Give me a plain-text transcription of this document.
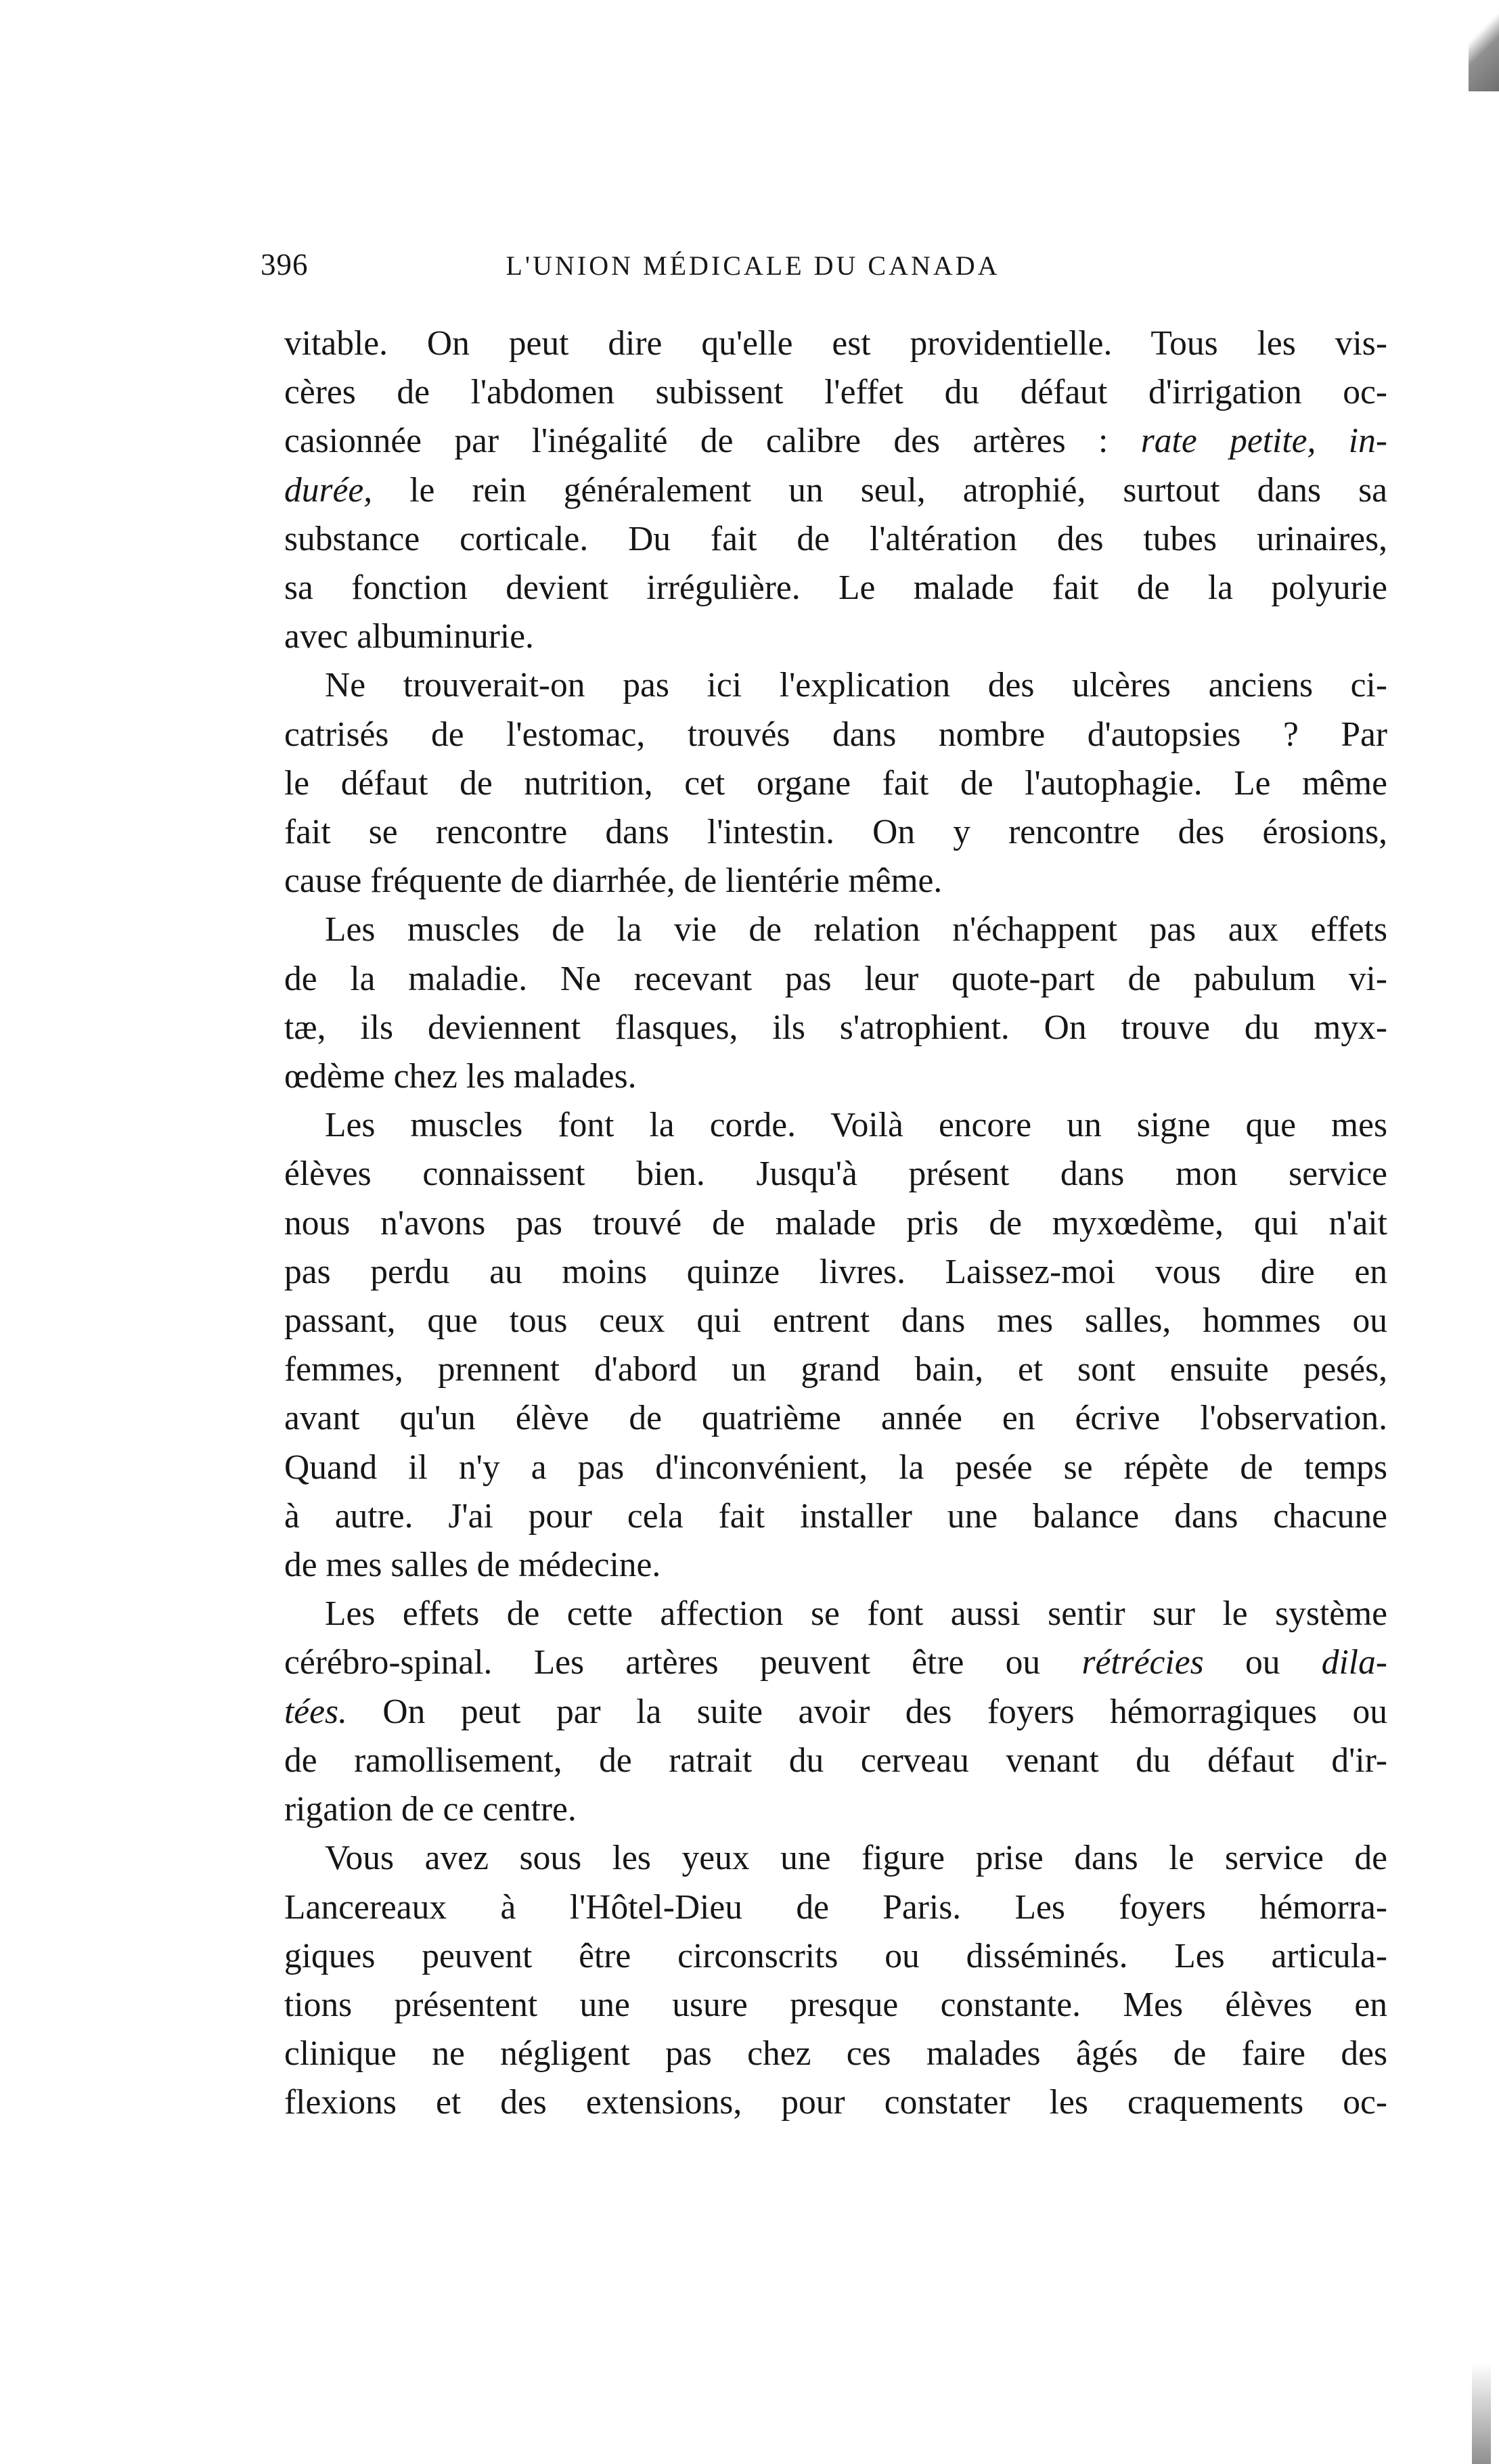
396	L'UNION MÉDICALE DU CANADA
vitable. On peut dire qu'elle est providentielle. Tous les vis-
cères de l'abdomen subissent l'effet du défaut d'irrigation oc-
casionnée par l'inégalité de calibre des artères : rate petite, in-
durée, le rein généralement un seul, atrophié, surtout dans sa
substance corticale. Du fait de l'altération des tubes urinaires,
sa fonction devient irrégulière. Le malade fait de la polyurie
avec albuminurie.
Ne trouverait-on pas ici l'explication des ulcères anciens ci-
catrisés de l'estomac, trouvés dans nombre d'autopsies ? Par
le défaut de nutrition, cet organe fait de l'autophagie. Le même
fait se rencontre dans l'intestin. On y rencontre des érosions,
cause fréquente de diarrhée, de lientérie même.
Les muscles de la vie de relation n'échappent pas aux effets
de la maladie. Ne recevant pas leur quote-part de pabulum vi-
tæ, ils deviennent flasques, ils s'atrophient. On trouve du myx-
œdème chez les malades.
Les muscles font la corde. Voilà encore un signe que mes
élèves connaissent bien. Jusqu'à présent dans mon service
nous n'avons pas trouvé de malade pris de myxœdème, qui n'ait
pas perdu au moins quinze livres. Laissez-moi vous dire en
passant, que tous ceux qui entrent dans mes salles, hommes ou
femmes, prennent d'abord un grand bain, et sont ensuite pesés,
avant qu'un élève de quatrième année en écrive l'observation.
Quand il n'y a pas d'inconvénient, la pesée se répète de temps
à autre. J'ai pour cela fait installer une balance dans chacune
de mes salles de médecine.
Les effets de cette affection se font aussi sentir sur le système
cérébro-spinal. Les artères peuvent être ou rétrécies ou dila-
tées. On peut par la suite avoir des foyers hémorragiques ou
de ramollisement, de ratrait du cerveau venant du défaut d'ir-
rigation de ce centre.
Vous avez sous les yeux une figure prise dans le service de
Lancereaux à l'Hôtel-Dieu de Paris. Les foyers hémorra-
giques peuvent être circonscrits ou disséminés. Les articula-
tions présentent une usure presque constante. Mes élèves en
clinique ne négligent pas chez ces malades âgés de faire des
flexions et des extensions, pour constater les craquements oc-
